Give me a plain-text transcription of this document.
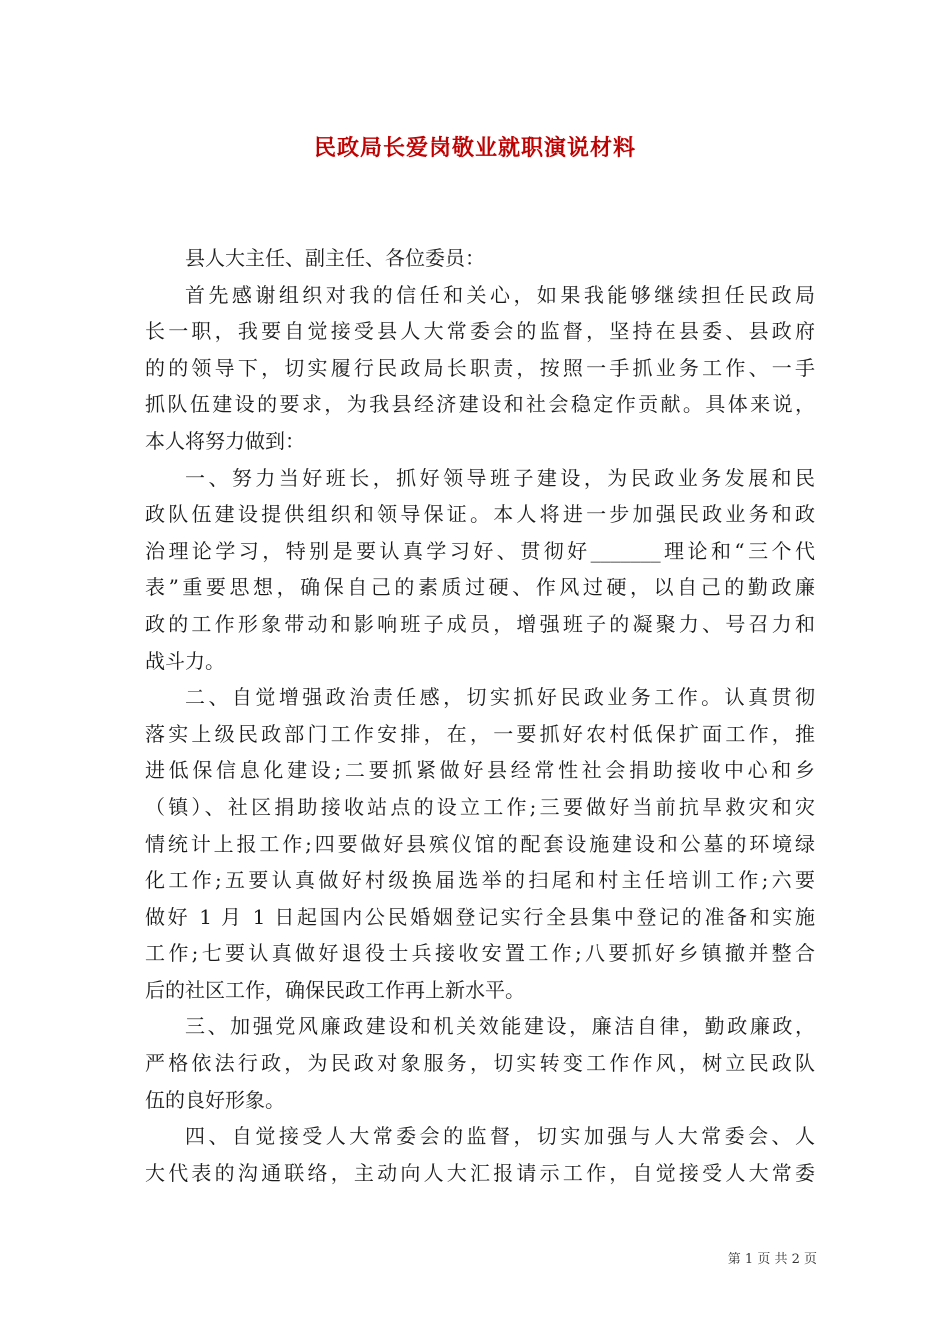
民政局长爱岗敬业就职演说材料
县人大主任、副主任、各位委员：
首先感谢组织对我的信任和关心，如果我能够继续担任民政局
长一职，我要自觉接受县人大常委会的监督，坚持在县委、县政府
的的领导下，切实履行民政局长职责，按照一手抓业务工作、一手
抓队伍建设的要求，为我县经济建设和社会稳定作贡献。具体来说，
本人将努力做到：
一、努力当好班长，抓好领导班子建设，为民政业务发展和民
政队伍建设提供组织和领导保证。本人将进一步加强民政业务和政
治理论学习，特别是要认真学习好、贯彻好_______理论和“三个代
表”重要思想，确保自己的素质过硬、作风过硬，以自己的勤政廉
政的工作形象带动和影响班子成员，增强班子的凝聚力、号召力和
战斗力。
二、自觉增强政治责任感，切实抓好民政业务工作。认真贯彻
落实上级民政部门工作安排，在，一要抓好农村低保扩面工作，推
进低保信息化建设;二要抓紧做好县经常性社会捐助接收中心和乡
（镇）、社区捐助接收站点的设立工作;三要做好当前抗旱救灾和灾
情统计上报工作;四要做好县殡仪馆的配套设施建设和公墓的环境绿
化工作;五要认真做好村级换届选举的扫尾和村主任培训工作;六要
做好 1 月 1 日起国内公民婚姻登记实行全县集中登记的准备和实施
工作;七要认真做好退役士兵接收安置工作;八要抓好乡镇撤并整合
后的社区工作，确保民政工作再上新水平。
三、加强党风廉政建设和机关效能建设，廉洁自律，勤政廉政，
严格依法行政，为民政对象服务，切实转变工作作风，树立民政队
伍的良好形象。
四、自觉接受人大常委会的监督，切实加强与人大常委会、人
大代表的沟通联络，主动向人大汇报请示工作，自觉接受人大常委
第 1 页 共 2 页
